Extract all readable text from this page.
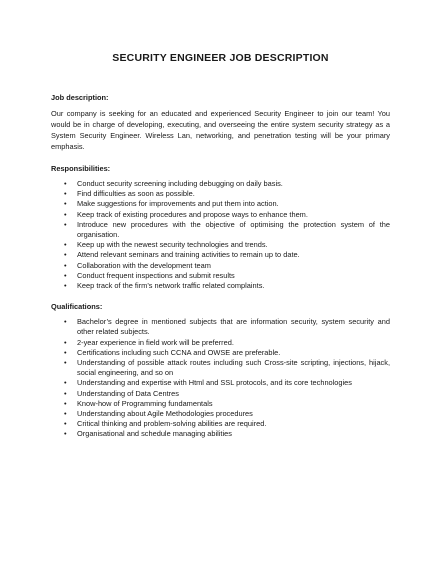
SECURITY ENGINEER JOB DESCRIPTION
Job description:

Our company is seeking for an educated and experienced Security Engineer to join our team! You would be in charge of developing, executing, and overseeing the entire system security strategy as a System Security Engineer. Wireless Lan, networking, and penetration testing will be your primary emphasis.

Responsibilities:
• Conduct security screening including debugging on daily basis.
• Find difficulties as soon as possible.
• Make suggestions for improvements and put them into action.
• Keep track of existing procedures and propose ways to enhance them.
• Introduce new procedures with the objective of optimising the protection system of the organisation.
• Keep up with the newest security technologies and trends.
• Attend relevant seminars and training activities to remain up to date.
• Collaboration with the development team
• Conduct frequent inspections and submit results
• Keep track of the firm’s network traffic related complaints.
Qualifications:
• Bachelor’s degree in mentioned subjects that are information security, system security and other related subjects.
• 2-year experience in field work will be preferred.
• Certifications including such CCNA and OWSE are preferable.
• Understanding of possible attack routes including such Cross-site scripting, injections, hijack, social engineering, and so on
• Understanding and expertise with Html and SSL protocols, and its core technologies
• Understanding of Data Centres
• Know-how of Programming fundamentals
• Understanding about Agile Methodologies procedures
• Critical thinking and problem-solving abilities are required.
• Organisational and schedule managing abilities
